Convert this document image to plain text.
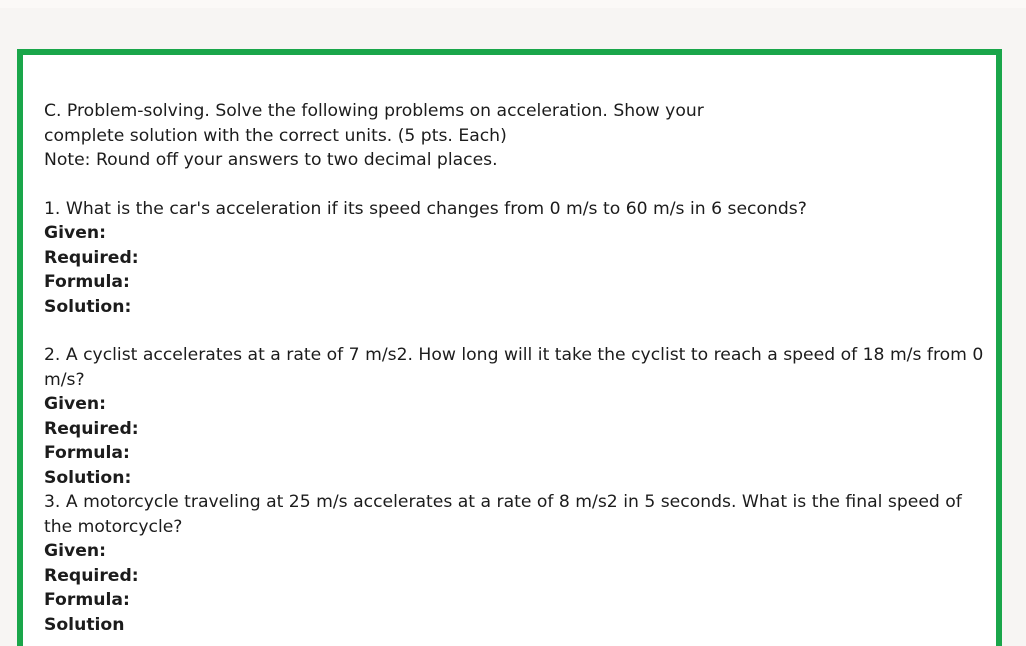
C. Problem-solving. Solve the following problems on acceleration. Show your
complete solution with the correct units. (5 pts. Each)
Note: Round off your answers to two decimal places.
1. What is the car's acceleration if its speed changes from 0 m/s to 60 m/s in 6 seconds?
Given:
Required:
Formula:
Solution:
2. A cyclist accelerates at a rate of 7 m/s2. How long will it take the cyclist to reach a speed of 18 m/s from 0 m/s?
Given:
Required:
Formula:
Solution:
3. A motorcycle traveling at 25 m/s accelerates at a rate of 8 m/s2 in 5 seconds. What is the final speed of the motorcycle?
Given:
Required:
Formula:
Solution
